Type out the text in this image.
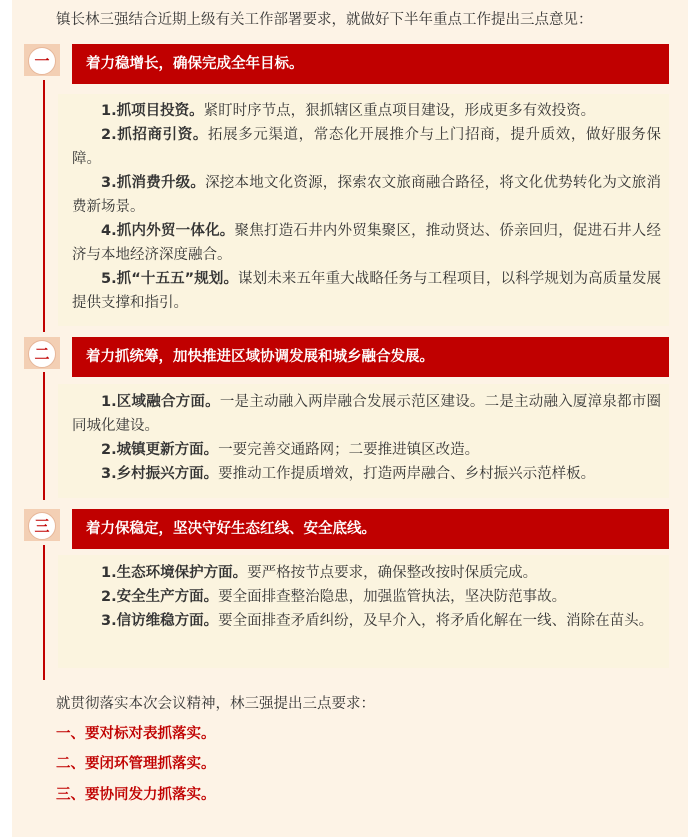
镇长林三强结合近期上级有关工作部署要求，就做好下半年重点工作提出三点意见：
一	着力稳增长，确保完成全年目标。

1.抓项目投资。紧盯时序节点，狠抓辖区重点项目建设，形成更多有效投资。

2.抓招商引资。拓展多元渠道，常态化开展推介与上门招商，提升质效，做好服务保障。

3.抓消费升级。深挖本地文化资源，探索农文旅商融合路径，将文化优势转化为文旅消费新场景。

4.抓内外贸一体化。聚焦打造石井内外贸集聚区，推动贤达、侨亲回归，促进石井人经济与本地经济深度融合。

5.抓“十五五”规划。谋划未来五年重大战略任务与工程项目，以科学规划为高质量发展提供支撑和指引。

二	着力抓统筹，加快推进区域协调发展和城乡融合发展。

1.区域融合方面。一是主动融入两岸融合发展示范区建设。二是主动融入厦漳泉都市圈同城化建设。

2.城镇更新方面。一要完善交通路网；二要推进镇区改造。

3.乡村振兴方面。要推动工作提质增效，打造两岸融合、乡村振兴示范样板。

三	着力保稳定，坚决守好生态红线、安全底线。

1.生态环境保护方面。要严格按节点要求，确保整改按时保质完成。

2.安全生产方面。要全面排查整治隐患，加强监管执法，坚决防范事故。

3.信访维稳方面。要全面排查矛盾纠纷，及早介入，将矛盾化解在一线、消除在苗头。

就贯彻落实本次会议精神，林三强提出三点要求：
一、要对标对表抓落实。
二、要闭环管理抓落实。
三、要协同发力抓落实。
